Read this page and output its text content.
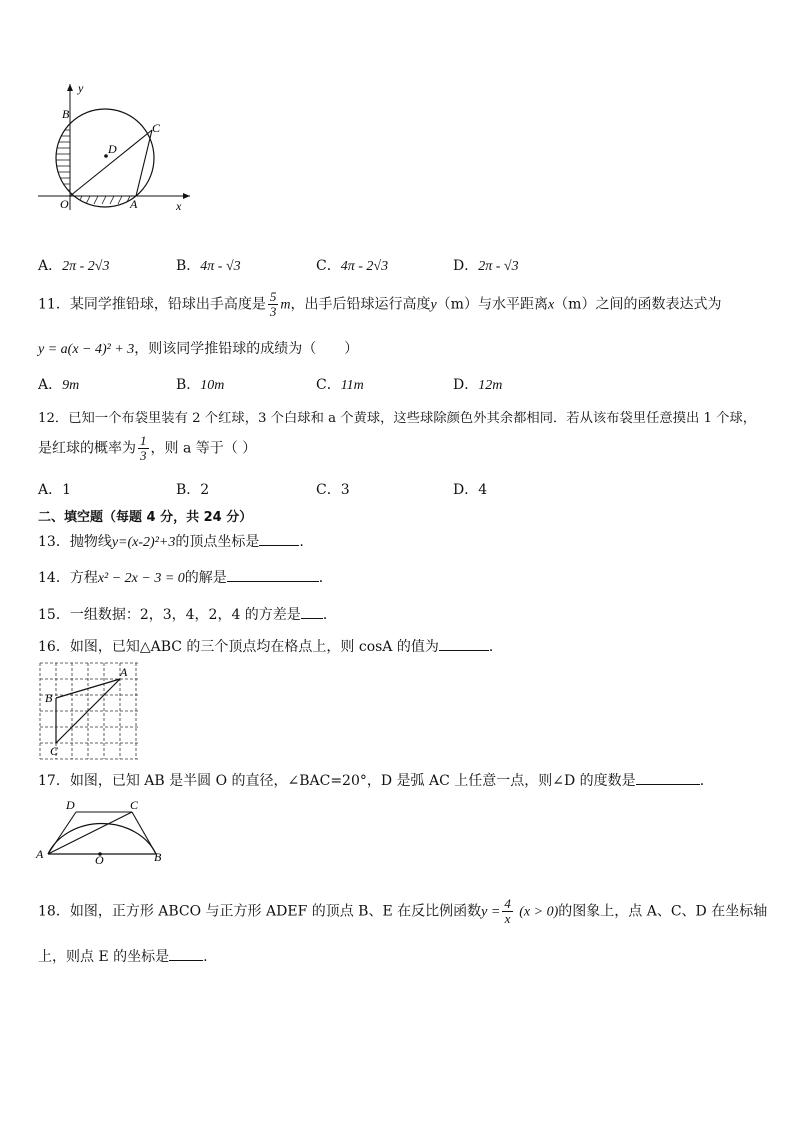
y
B
C
D
O	A	x
A．2π - 2√3	B．4π - √3	C．4π - 2√3	D．2π - √3
11．某同学推铅球，铅球出手高度是 $\frac{5}{3}$ m，出手后铅球运行高度y（m）与水平距离x（m）之间的函数表达式为
y = a(x − 4)² + 3，则该同学推铅球的成绩为（　　）
A．9m	B．10m	C．11m	D．12m
12．已知一个布袋里装有 2 个红球，3 个白球和 a 个黄球，这些球除颜色外其余都相同．若从该布袋里任意摸出 1 个球，
是红球的概率为 $\frac{1}{3}$ ，则 a 等于（ ）
A．1	B．2	C．3	D．4
二、填空题（每题 4 分，共 24 分）
13．抛物线y=(x-2)²+3的顶点坐标是	.
14．方程x² − 2x − 3 = 0的解是	．
15．一组数据：2，3，4，2，4 的方差是 ．
16．如图，已知△ABC 的三个顶点均在格点上，则 cosA 的值为	．
A
B
C
17．如图，已知 AB 是半圆 O 的直径，∠BAC=20°，D 是弧 AC 上任意一点，则∠D 的度数是	．
D	C
A	O	B
18．如图，正方形 ABCO 与正方形 ADEF 的顶点 B、E 在反比例函数$y = \frac{4}{x} (x > 0)$的图象上，点 A、C、D 在坐标轴
上，则点 E 的坐标是 .
